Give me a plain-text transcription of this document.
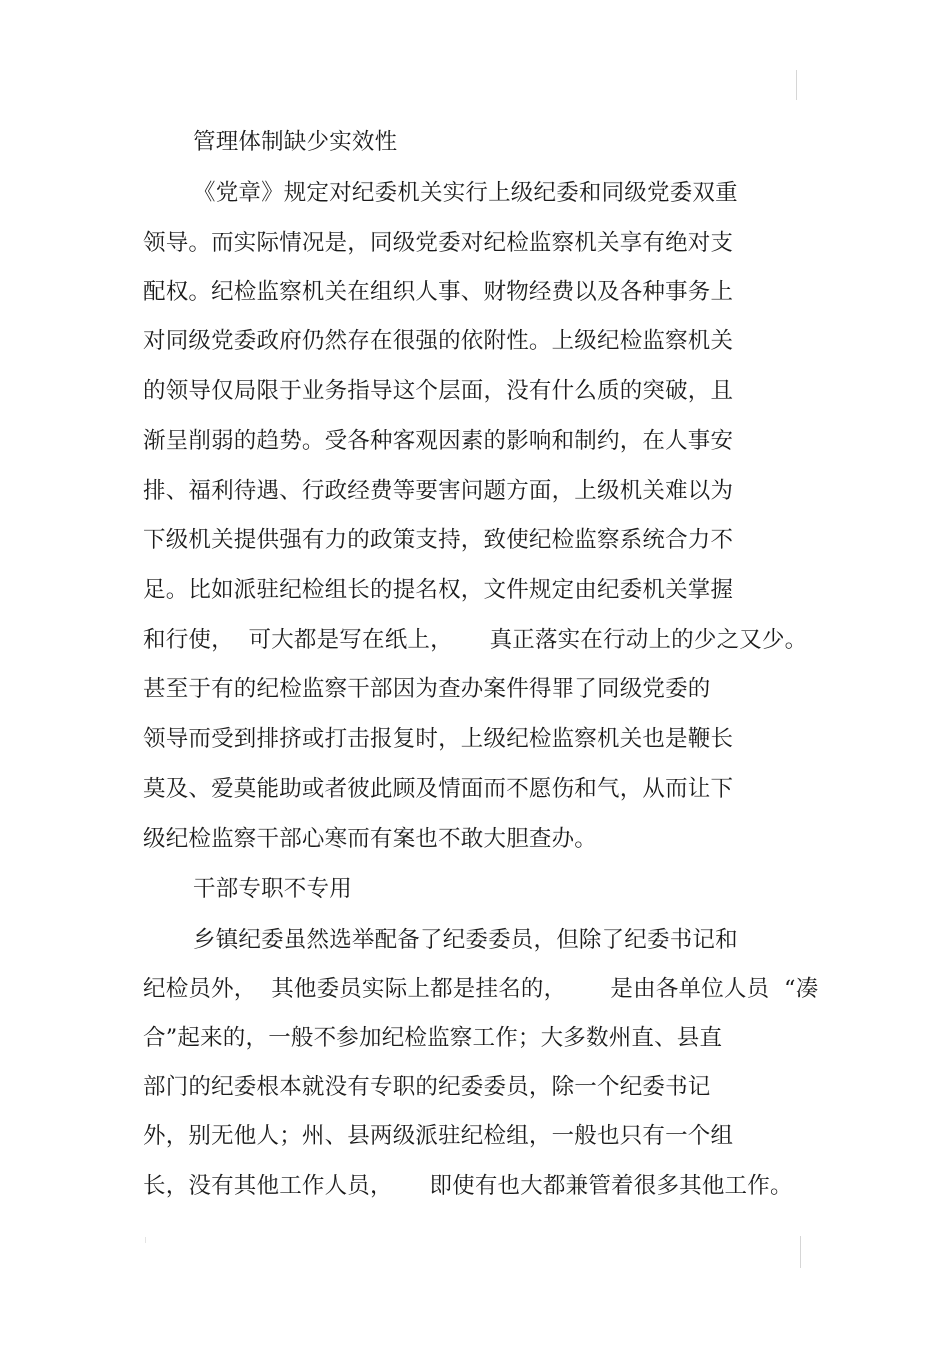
管理体制缺少实效性
《党章》规定对纪委机关实行上级纪委和同级党委双重
领导。而实际情况是，同级党委对纪检监察机关享有绝对支
配权。纪检监察机关在组织人事、财物经费以及各种事务上
对同级党委政府仍然存在很强的依附性。上级纪检监察机关
的领导仅局限于业务指导这个层面，没有什么质的突破，且
渐呈削弱的趋势。受各种客观因素的影响和制约，在人事安
排、福利待遇、行政经费等要害问题方面，上级机关难以为
下级机关提供强有力的政策支持，致使纪检监察系统合力不
足。比如派驻纪检组长的提名权，文件规定由纪委机关掌握
和行使，  可大都是写在纸上，     真正落实在行动上的少之又少。
甚至于有的纪检监察干部因为查办案件得罪了同级党委的
领导而受到排挤或打击报复时，上级纪检监察机关也是鞭长
莫及、爱莫能助或者彼此顾及情面而不愿伤和气，从而让下
级纪检监察干部心寒而有案也不敢大胆查办。
干部专职不专用
乡镇纪委虽然选举配备了纪委委员，但除了纪委书记和
纪检员外，  其他委员实际上都是挂名的，      是由各单位人员  “凑
合”起来的，一般不参加纪检监察工作；大多数州直、县直
部门的纪委根本就没有专职的纪委委员，除一个纪委书记
外，别无他人；州、县两级派驻纪检组，一般也只有一个组
长，没有其他工作人员，     即使有也大都兼管着很多其他工作。
